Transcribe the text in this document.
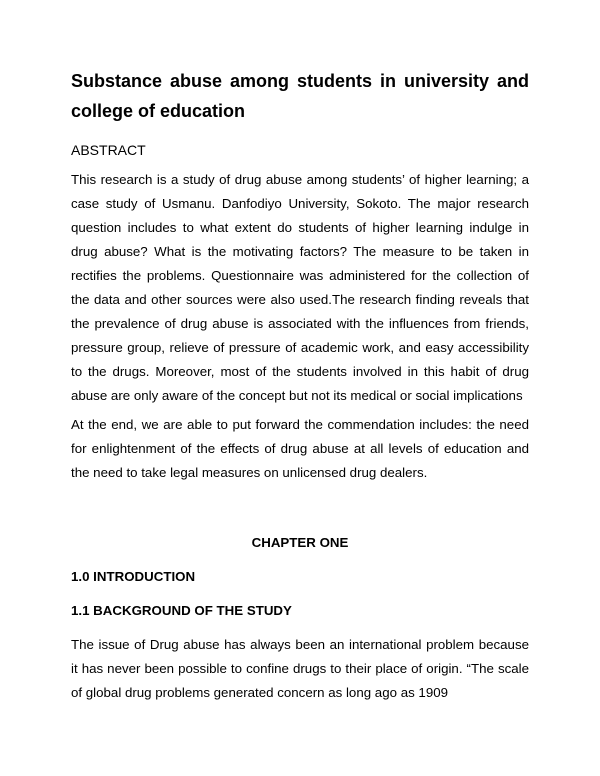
Substance abuse among students in university and college of education

ABSTRACT

This research is a study of drug abuse among students’ of higher learning; a case study of Usmanu. Danfodiyo University, Sokoto. The major research question includes to what extent do students of higher learning indulge in drug abuse? What is the motivating factors? The measure to be taken in rectifies the problems. Questionnaire was administered for the collection of the data and other sources were also used.The research finding reveals that the prevalence of drug abuse is associated with the influences from friends, pressure group, relieve of pressure of academic work, and easy accessibility to the drugs. Moreover, most of the students involved in this habit of drug abuse are only aware of the concept but not its medical or social implications

At the end, we are able to put forward the commendation includes: the need for enlightenment of the effects of drug abuse at all levels of education and the need to take legal measures on unlicensed drug dealers.

CHAPTER ONE
1.0 INTRODUCTION
1.1 BACKGROUND OF THE STUDY

The issue of Drug abuse has always been an international problem because it has never been possible to confine drugs to their place of origin. “The scale of global drug problems generated concern as long ago as 1909
